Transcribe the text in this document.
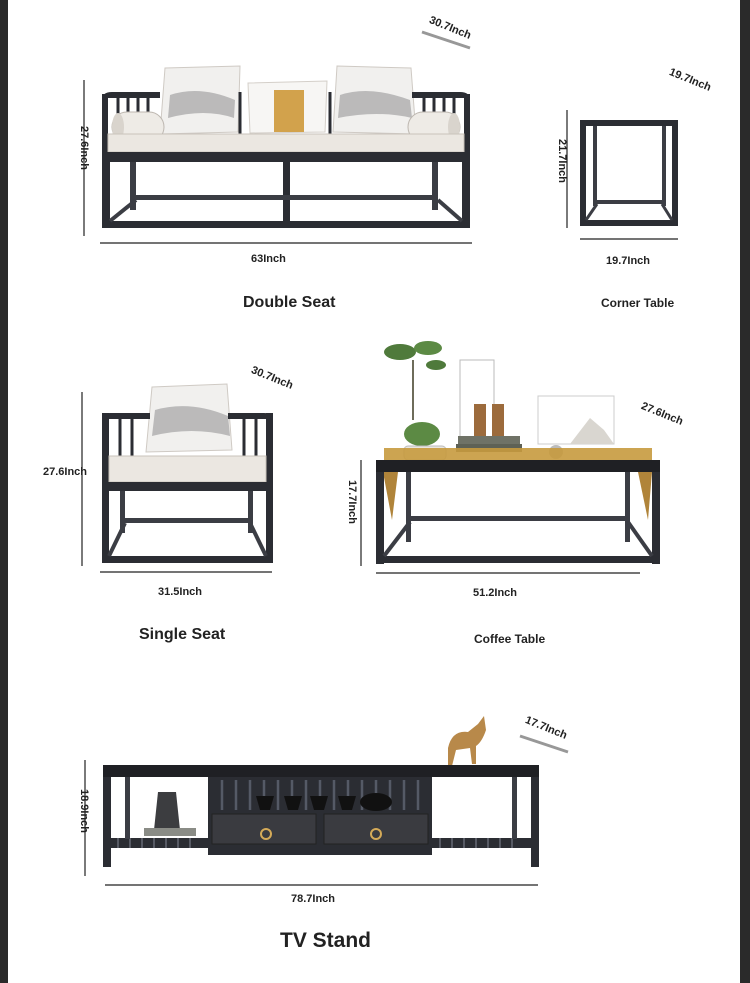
30.7Inch
27.6Inch
63Inch
Double Seat
19.7Inch
21.7Inch
19.7Inch
Corner Table
30.7Inch
27.6Inch
31.5Inch
Single Seat
27.6Inch
17.7Inch
51.2Inch
Coffee Table
17.7Inch
18.9Inch
78.7Inch
TV Stand
